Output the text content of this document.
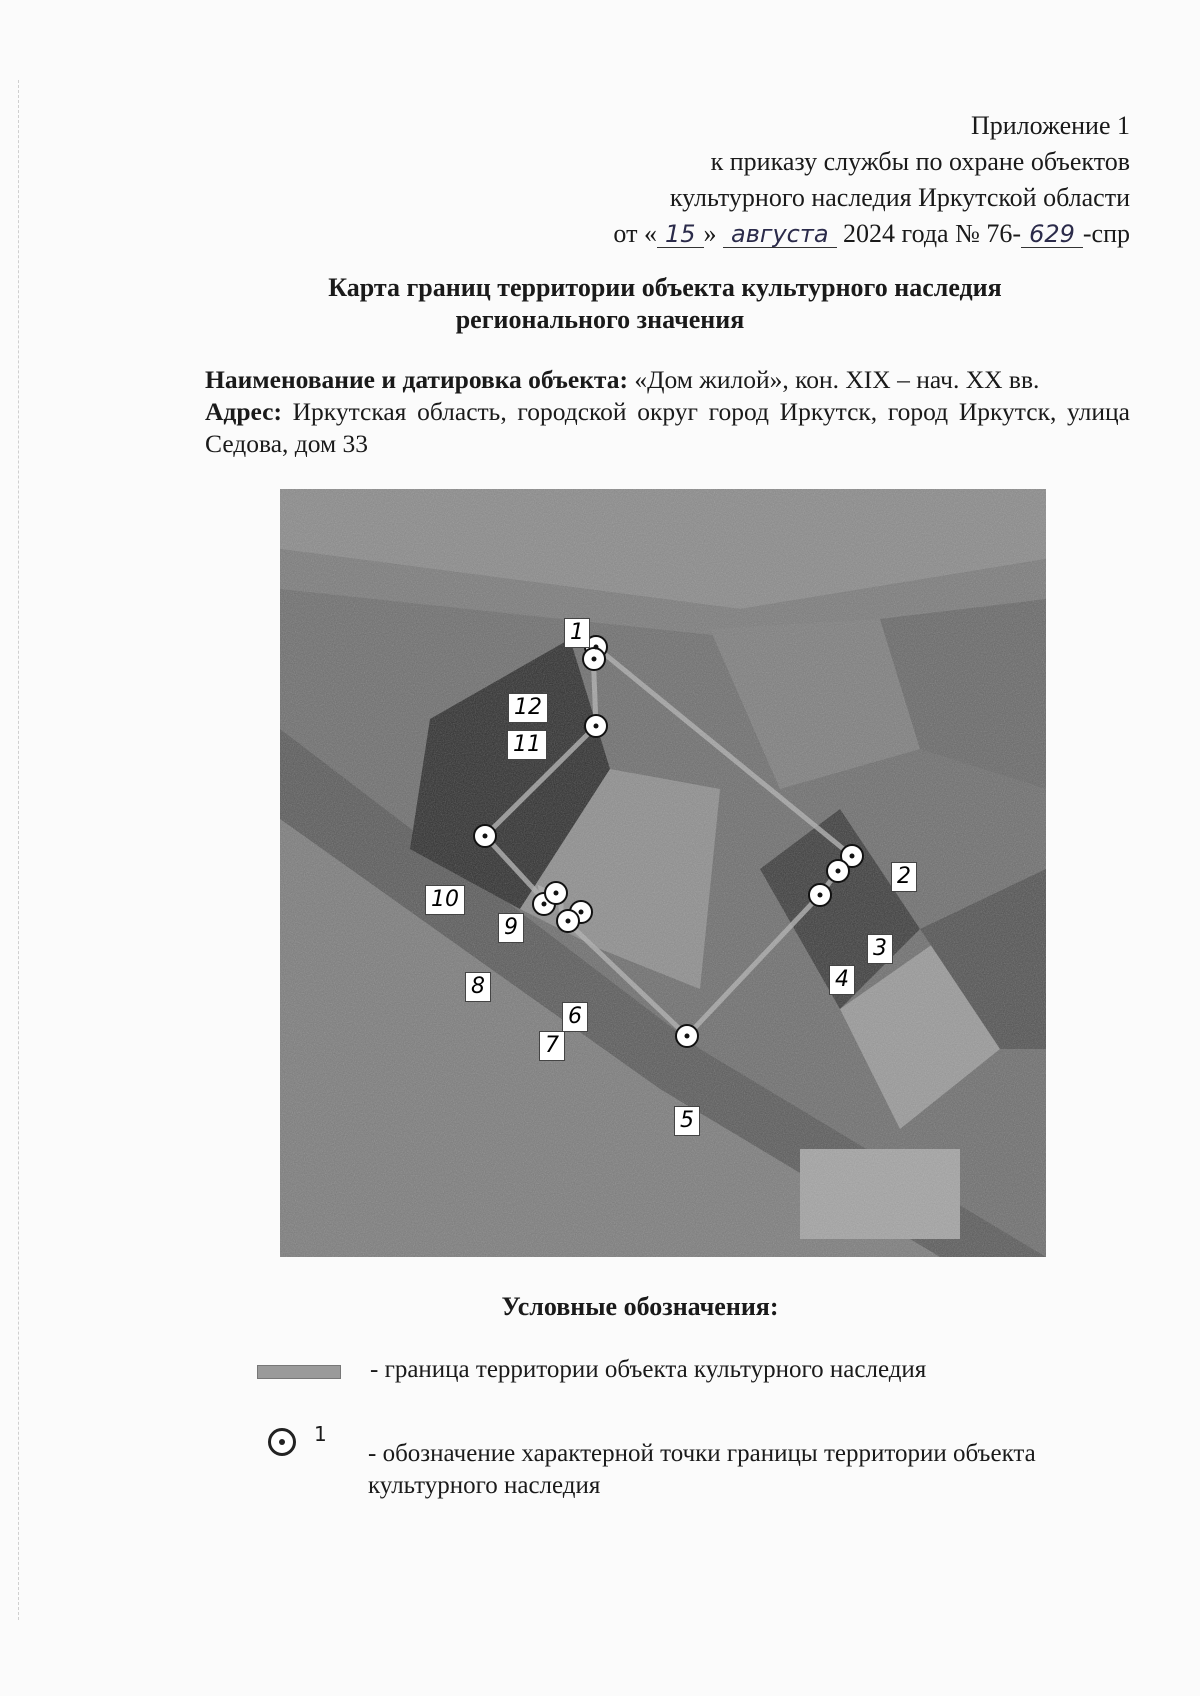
Приложение 1
к приказу службы по охране объектов
культурного наследия Иркутской области
от « 15 » августа 2024 года № 76- 629 -спр
Карта границ территории объекта культурного наследия
регионального значения
Наименование и датировка объекта: «Дом жилой», кон. XIX – нач. XX вв.
Адрес: Иркутская область, городской округ город Иркутск, город Иркутск, улица Седова, дом 33
1
2
3
4
5
6
7
8
9
10
11
12
Условные обозначения:
- граница территории объекта культурного наследия
1
- обозначение характерной точки границы территории объекта культурного наследия
